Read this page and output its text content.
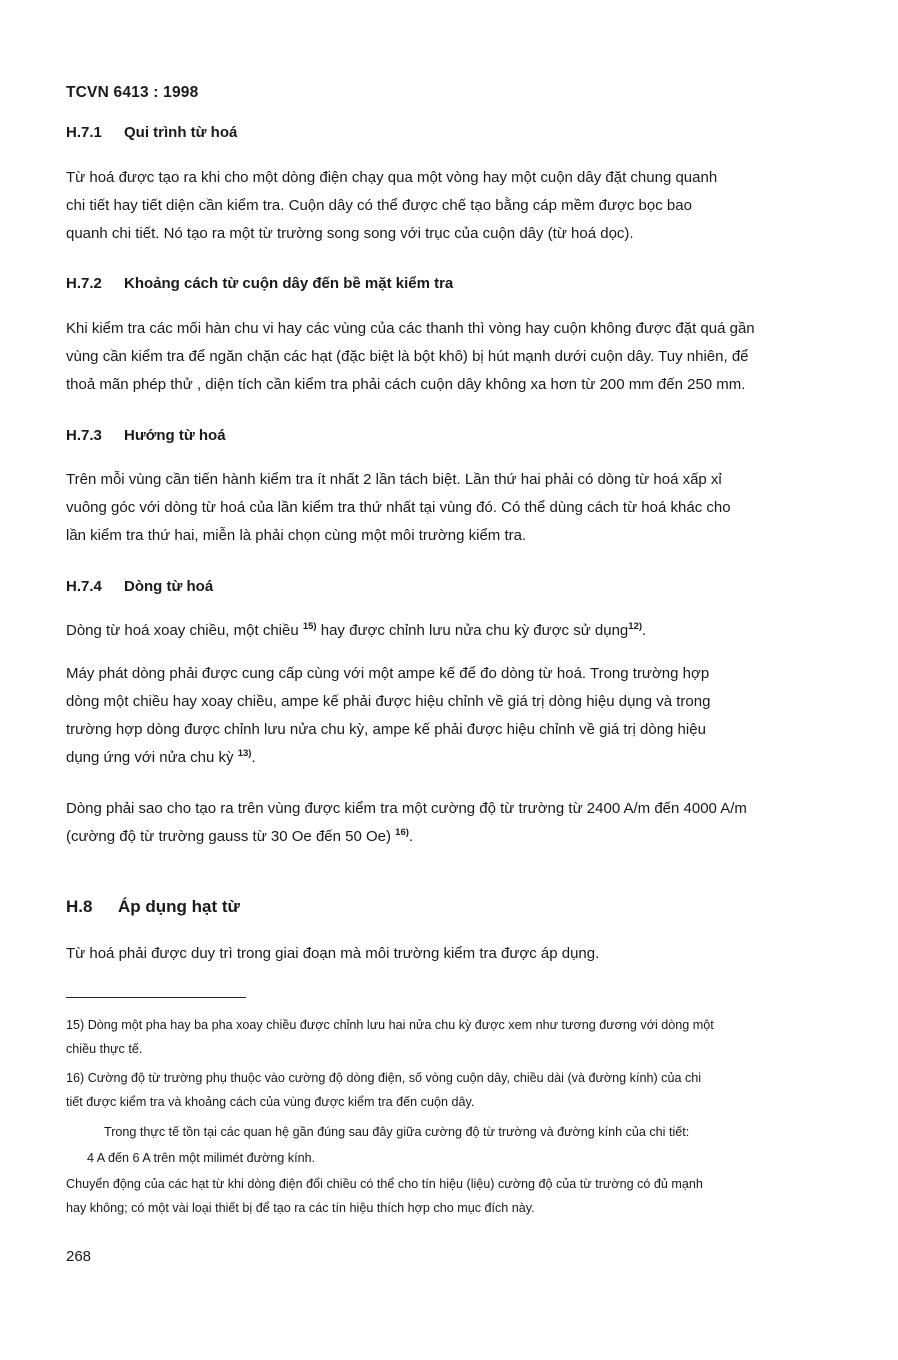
TCVN 6413 : 1998
H.7.1 Qui trình từ hoá
Từ hoá được tạo ra khi cho một dòng điện chạy qua một vòng hay một cuộn dây đặt chung quanh
chi tiết hay tiết diện cần kiểm tra. Cuộn dây có thể được chế tạo bằng cáp mềm được bọc bao
quanh chi tiết. Nó tạo ra một từ trường song song với trục của cuộn dây (từ hoá dọc).
H.7.2 Khoảng cách từ cuộn dây đến bề mặt kiểm tra
Khi kiểm tra các mối hàn chu vi hay các vùng của các thanh thì vòng hay cuộn không được đặt quá gần
vùng cần kiểm tra để ngăn chặn các hạt (đặc biệt là bột khô) bị hút mạnh dưới cuộn dây. Tuy nhiên, để
thoả mãn phép thử , diện tích cần kiểm tra phải cách cuộn dây không xa hơn từ 200 mm đến 250 mm.
H.7.3 Hướng từ hoá
Trên mỗi vùng cần tiến hành kiểm tra ít nhất 2 lần tách biệt. Lần thứ hai phải có dòng từ hoá xấp xỉ
vuông góc với dòng từ hoá của lần kiểm tra thứ nhất tại vùng đó. Có thể dùng cách từ hoá khác cho
lần kiểm tra thứ hai, miễn là phải chọn cùng một môi trường kiểm tra.
H.7.4 Dòng từ hoá
Dòng từ hoá xoay chiều, một chiều $^{15)}$ hay được chỉnh lưu nửa chu kỳ được sử dụng$^{12)}$.
Máy phát dòng phải được cung cấp cùng với một ampe kế để đo dòng từ hoá. Trong trường hợp
dòng một chiều hay xoay chiều, ampe kế phải được hiệu chỉnh về giá trị dòng hiệu dụng và trong
trường hợp dòng được chỉnh lưu nửa chu kỳ, ampe kế phải được hiệu chỉnh về giá trị dòng hiệu
dụng ứng với nửa chu kỳ $^{13)}$.
Dòng phải sao cho tạo ra trên vùng được kiểm tra một cường độ từ trường từ 2400 A/m đến 4000 A/m
(cường độ từ trường gauss từ 30 Oe đến 50 Oe) $^{16)}$.
H.8 Áp dụng hạt từ
Từ hoá phải được duy trì trong giai đoạn mà môi trường kiểm tra được áp dụng.
15) Dòng một pha hay ba pha xoay chiều được chỉnh lưu hai nửa chu kỳ được xem như tương đương với dòng một
chiều thực tế.
16) Cường độ từ trường phụ thuộc vào cường độ dòng điện, số vòng cuộn dây, chiều dài (và đường kính) của chi
tiết được kiểm tra và khoảng cách của vùng được kiểm tra đến cuộn dây.
Trong thực tế tồn tại các quan hệ gần đúng sau đây giữa cường độ từ trường và đường kính của chi tiết:
4 A đến 6 A trên một milimét đường kính.
Chuyển động của các hạt từ khi dòng điện đổi chiều có thể cho tín hiệu (liệu) cường độ của từ trường có đủ mạnh
hay không; có một vài loại thiết bị để tạo ra các tín hiệu thích hợp cho mục đích này.
268
